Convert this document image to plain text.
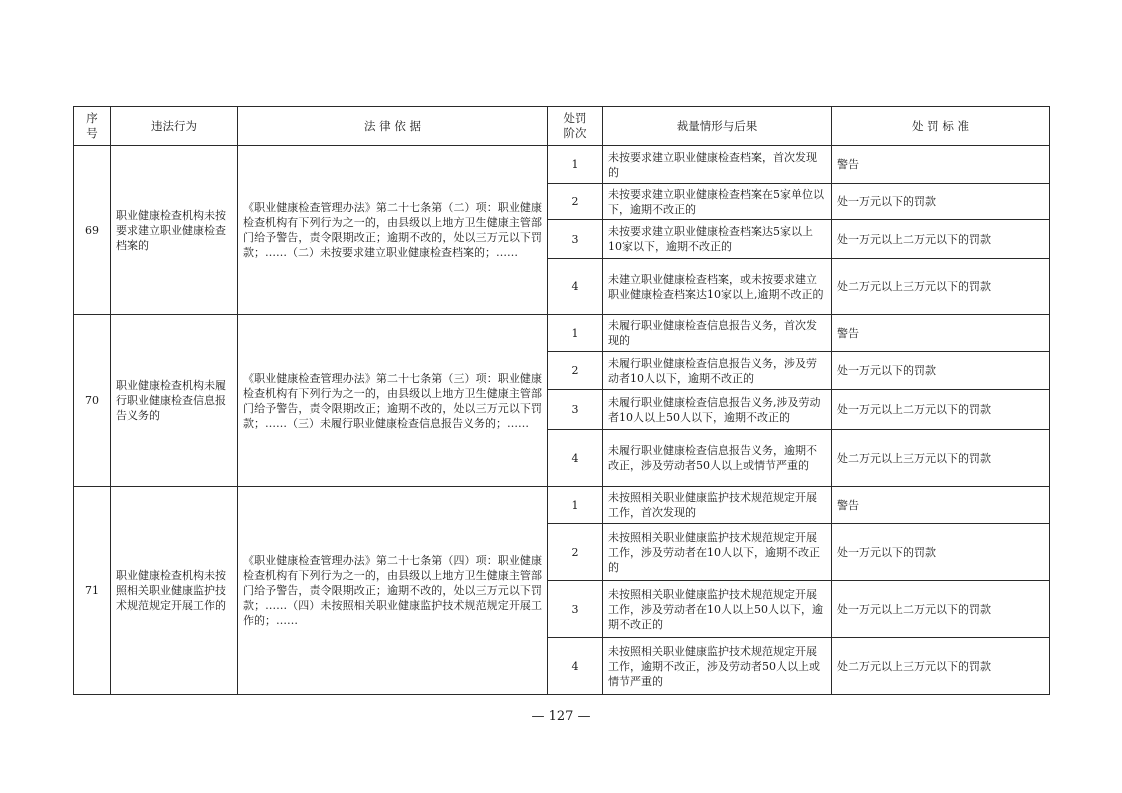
序号	违法行为	法 律 依 据	处罚阶次	裁量情形与后果	处 罚 标 准
69	职业健康检查机构未按要求建立职业健康检查档案的	《职业健康检查管理办法》第二十七条第（二）项：职业健康检查机构有下列行为之一的，由县级以上地方卫生健康主管部门给予警告，责令限期改正；逾期不改的，处以三万元以下罚款；……（二）未按要求建立职业健康检查档案的；……	1	未按要求建立职业健康检查档案，首次发现的	警告
			2	未按要求建立职业健康检查档案在5家单位以下，逾期不改正的	处一万元以下的罚款
			3	未按要求建立职业健康检查档案达5家以上10家以下，逾期不改正的	处一万元以上二万元以下的罚款
			4	未建立职业健康检查档案，或未按要求建立职业健康检查档案达10家以上,逾期不改正的	处二万元以上三万元以下的罚款
70	职业健康检查机构未履行职业健康检查信息报告义务的	《职业健康检查管理办法》第二十七条第（三）项：职业健康检查机构有下列行为之一的，由县级以上地方卫生健康主管部门给予警告，责令限期改正；逾期不改的，处以三万元以下罚款；……（三）未履行职业健康检查信息报告义务的；……	1	未履行职业健康检查信息报告义务，首次发现的	警告
			2	未履行职业健康检查信息报告义务，涉及劳动者10人以下，逾期不改正的	处一万元以下的罚款
			3	未履行职业健康检查信息报告义务,涉及劳动者10人以上50人以下，逾期不改正的	处一万元以上二万元以下的罚款
			4	未履行职业健康检查信息报告义务，逾期不改正，涉及劳动者50人以上或情节严重的	处二万元以上三万元以下的罚款
71	职业健康检查机构未按照相关职业健康监护技术规范规定开展工作的	《职业健康检查管理办法》第二十七条第（四）项：职业健康检查机构有下列行为之一的，由县级以上地方卫生健康主管部门给予警告，责令限期改正；逾期不改的，处以三万元以下罚款；……（四）未按照相关职业健康监护技术规范规定开展工作的；……	1	未按照相关职业健康监护技术规范规定开展工作，首次发现的	警告
			2	未按照相关职业健康监护技术规范规定开展工作，涉及劳动者在10人以下，逾期不改正的	处一万元以下的罚款
			3	未按照相关职业健康监护技术规范规定开展工作，涉及劳动者在10人以上50人以下，逾期不改正的	处一万元以上二万元以下的罚款
			4	未按照相关职业健康监护技术规范规定开展工作，逾期不改正，涉及劳动者50人以上或情节严重的	处二万元以上三万元以下的罚款
— 127 —
